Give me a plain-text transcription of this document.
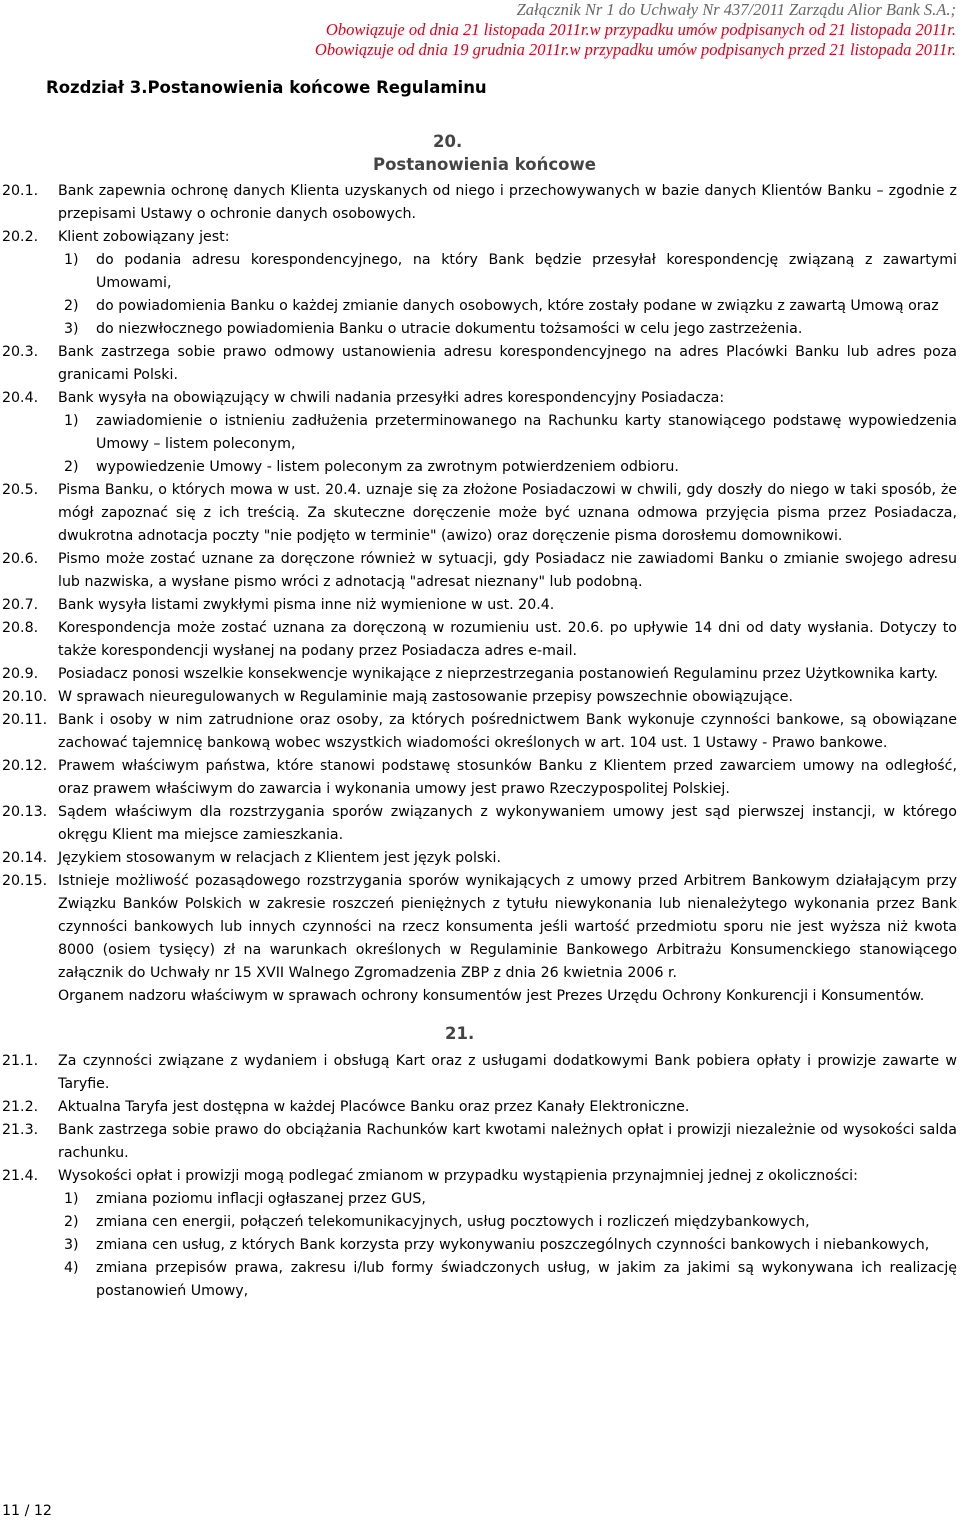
Załącznik Nr 1 do Uchwały Nr 437/2011 Zarządu Alior Bank S.A.;
Obowiązuje od dnia 21 listopada 2011r.w przypadku umów podpisanych od 21 listopada 2011r.
Obowiązuje od dnia 19 grudnia 2011r.w przypadku umów podpisanych przed 21 listopada 2011r.
Rozdział 3.Postanowienia końcowe Regulaminu
20.
Postanowienia końcowe
20.1.	Bank zapewnia ochronę danych Klienta uzyskanych od niego i przechowywanych w bazie danych Klientów Banku – zgodnie z przepisami Ustawy o ochronie danych osobowych.
20.2.	Klient zobowiązany jest:
1)	do podania adresu korespondencyjnego, na który Bank będzie przesyłał korespondencję związaną z zawartymi Umowami,
2)	do powiadomienia Banku o każdej zmianie danych osobowych, które zostały podane w związku z zawartą Umową oraz
3)	do niezwłocznego powiadomienia Banku o utracie dokumentu tożsamości w celu jego zastrzeżenia.
20.3.	Bank zastrzega sobie prawo odmowy ustanowienia adresu korespondencyjnego na adres Placówki Banku lub adres poza granicami Polski.
20.4.	Bank wysyła na obowiązujący w chwili nadania przesyłki adres korespondencyjny Posiadacza:
1)	zawiadomienie o istnieniu zadłużenia przeterminowanego na Rachunku karty stanowiącego podstawę wypowiedzenia Umowy – listem poleconym,
2)	wypowiedzenie Umowy - listem poleconym za zwrotnym potwierdzeniem odbioru.
20.5.	Pisma Banku, o których mowa w ust. 20.4. uznaje się za złożone Posiadaczowi w chwili, gdy doszły do niego w taki sposób, że mógł zapoznać się z ich treścią. Za skuteczne doręczenie może być uznana odmowa przyjęcia pisma przez Posiadacza, dwukrotna adnotacja poczty "nie podjęto w terminie" (awizo) oraz doręczenie pisma dorosłemu domownikowi.
20.6.	Pismo może zostać uznane za doręczone również w sytuacji, gdy Posiadacz nie zawiadomi Banku o zmianie swojego adresu lub nazwiska, a wysłane pismo wróci z adnotacją "adresat nieznany" lub podobną.
20.7.	Bank wysyła listami zwykłymi pisma inne niż wymienione w ust. 20.4.
20.8.	Korespondencja może zostać uznana za doręczoną w rozumieniu ust. 20.6. po upływie 14 dni od daty wysłania. Dotyczy to także korespondencji wysłanej na podany przez Posiadacza adres e-mail.
20.9.	Posiadacz ponosi wszelkie konsekwencje wynikające z nieprzestrzegania postanowień Regulaminu przez Użytkownika karty.
20.10. W sprawach nieuregulowanych w Regulaminie mają zastosowanie przepisy powszechnie obowiązujące.
20.11. Bank i osoby w nim zatrudnione oraz osoby, za których pośrednictwem Bank wykonuje czynności bankowe, są obowiązane zachować tajemnicę bankową wobec wszystkich wiadomości określonych w art. 104 ust. 1 Ustawy - Prawo bankowe.
20.12. Prawem właściwym państwa, które stanowi podstawę stosunków Banku z Klientem przed zawarciem umowy na odległość, oraz prawem właściwym do zawarcia i wykonania umowy jest prawo Rzeczypospolitej Polskiej.
20.13. Sądem właściwym dla rozstrzygania sporów związanych z wykonywaniem umowy jest sąd pierwszej instancji, w którego okręgu Klient ma miejsce zamieszkania.
20.14. Językiem stosowanym w relacjach z Klientem jest język polski.
20.15. Istnieje możliwość pozasądowego rozstrzygania sporów wynikających z umowy przed Arbitrem Bankowym działającym przy Związku Banków Polskich w zakresie roszczeń pieniężnych z tytułu niewykonania lub nienależytego wykonania przez Bank czynności bankowych lub innych czynności na rzecz konsumenta jeśli wartość przedmiotu sporu nie jest wyższa niż kwota 8000 (osiem tysięcy) zł na warunkach określonych w Regulaminie Bankowego Arbitrażu Konsumenckiego stanowiącego załącznik do Uchwały nr 15 XVII Walnego Zgromadzenia ZBP z dnia 26 kwietnia 2006 r.
Organem nadzoru właściwym w sprawach ochrony konsumentów jest Prezes Urzędu Ochrony Konkurencji i Konsumentów.
21.
21.1.	Za czynności związane z wydaniem i obsługą Kart oraz z usługami dodatkowymi Bank pobiera opłaty i prowizje zawarte w Taryfie.
21.2.	Aktualna Taryfa jest dostępna w każdej Placówce Banku oraz przez Kanały Elektroniczne.
21.3.	Bank zastrzega sobie prawo do obciążania Rachunków kart kwotami należnych opłat i prowizji niezależnie od wysokości salda rachunku.
21.4.	Wysokości opłat i prowizji mogą podlegać zmianom w przypadku wystąpienia przynajmniej jednej z okoliczności:
1)	zmiana poziomu inflacji ogłaszanej przez GUS,
2)	zmiana cen energii, połączeń telekomunikacyjnych, usług pocztowych i rozliczeń międzybankowych,
3)	zmiana cen usług, z których Bank korzysta przy wykonywaniu poszczególnych czynności bankowych i niebankowych,
4)	zmiana przepisów prawa, zakresu i/lub formy świadczonych usług, w jakim za jakimi są wykonywana ich realizację postanowień Umowy,
11 / 12
